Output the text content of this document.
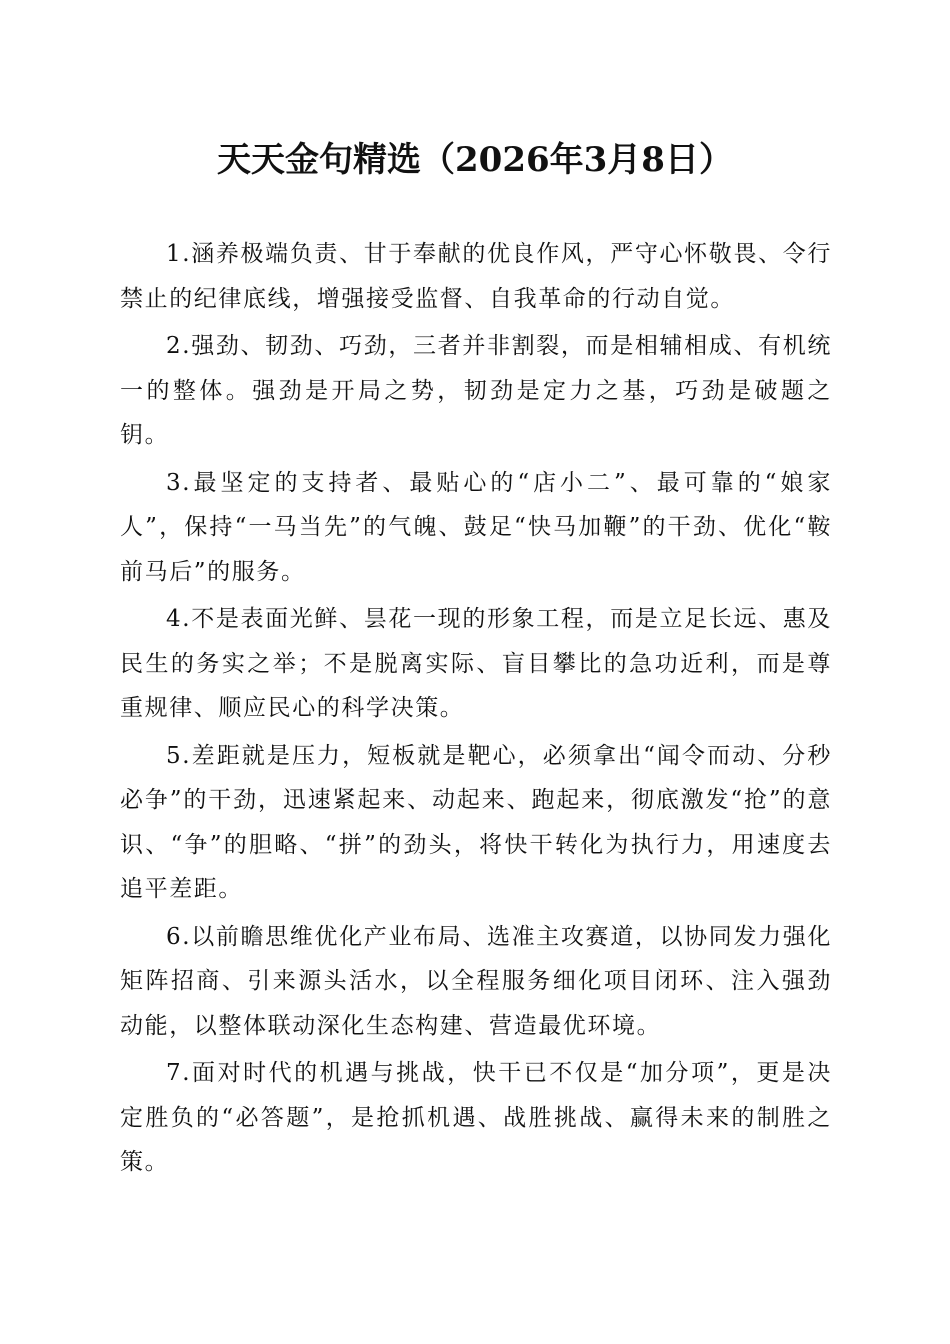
天天金句精选（2026年3月8日）

1.涵养极端负责、甘于奉献的优良作风，严守心怀敬畏、令行禁止的纪律底线，增强接受监督、自我革命的行动自觉。

2.强劲、韧劲、巧劲，三者并非割裂，而是相辅相成、有机统一的整体。强劲是开局之势，韧劲是定力之基，巧劲是破题之钥。

3.最坚定的支持者、最贴心的“店小二”、最可靠的“娘家人”，保持“一马当先”的气魄、鼓足“快马加鞭”的干劲、优化“鞍前马后”的服务。

4.不是表面光鲜、昙花一现的形象工程，而是立足长远、惠及民生的务实之举；不是脱离实际、盲目攀比的急功近利，而是尊重规律、顺应民心的科学决策。

5.差距就是压力，短板就是靶心，必须拿出“闻令而动、分秒必争”的干劲，迅速紧起来、动起来、跑起来，彻底激发“抢”的意识、“争”的胆略、“拼”的劲头，将快干转化为执行力，用速度去追平差距。

6.以前瞻思维优化产业布局、选准主攻赛道，以协同发力强化矩阵招商、引来源头活水，以全程服务细化项目闭环、注入强劲动能，以整体联动深化生态构建、营造最优环境。

7.面对时代的机遇与挑战，快干已不仅是“加分项”，更是决定胜负的“必答题”，是抢抓机遇、战胜挑战、赢得未来的制胜之策。
